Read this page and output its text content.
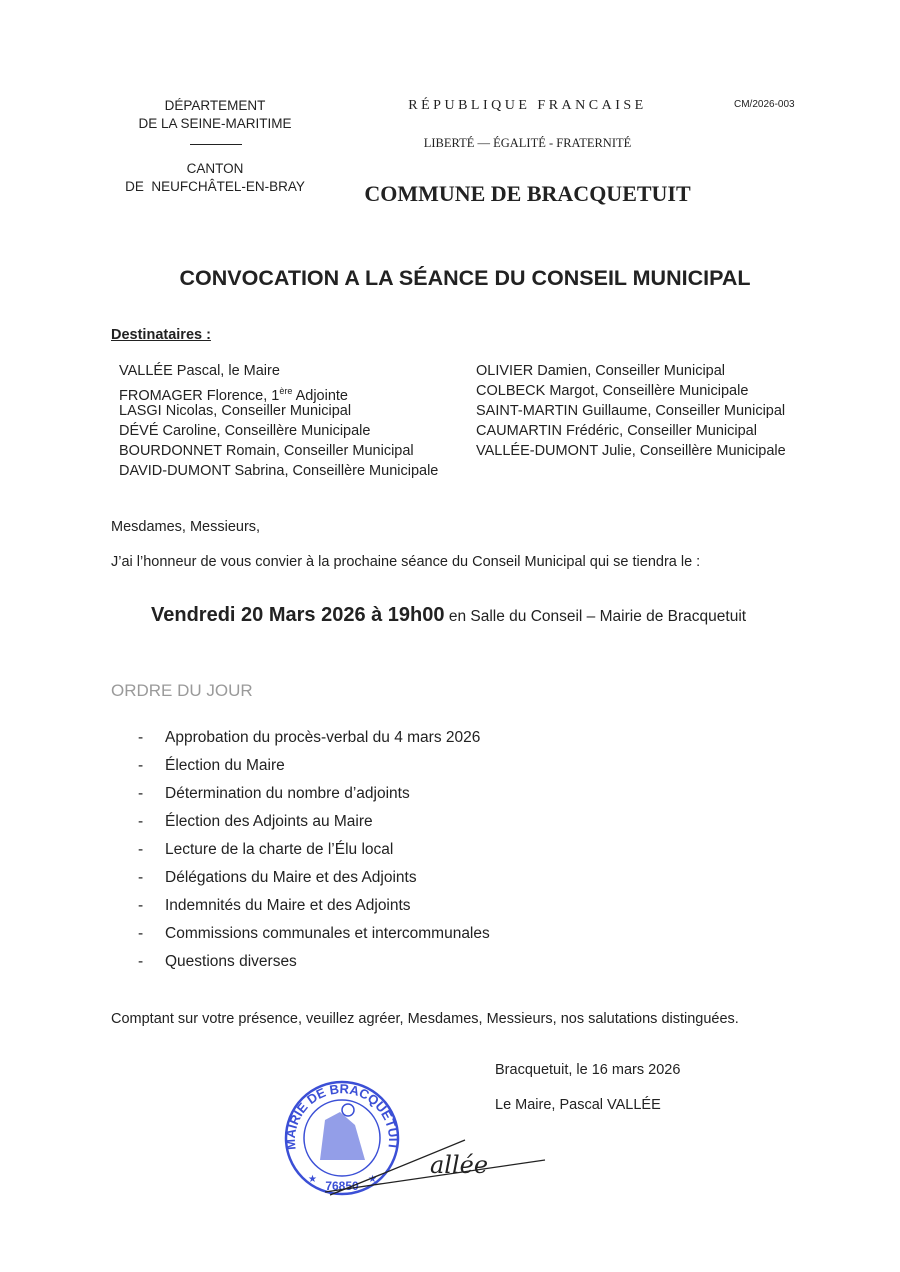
DÉPARTEMENT
DE LA SEINE-MARITIME
CANTON
DE  NEUFCHÂTEL-EN-BRAY
RÉPUBLIQUE FRANCAISE
LIBERTÉ — ÉGALITÉ - FRATERNITÉ
COMMUNE DE BRACQUETUIT
CM/2026-003
CONVOCATION A LA SÉANCE DU CONSEIL MUNICIPAL
Destinataires :
VALLÉE Pascal, le Maire
FROMAGER Florence, 1ère Adjointe
LASGI Nicolas, Conseiller Municipal
DÉVÉ Caroline, Conseillère Municipale
BOURDONNET Romain, Conseiller Municipal
DAVID-DUMONT Sabrina, Conseillère Municipale
OLIVIER Damien, Conseiller Municipal
COLBECK Margot, Conseillère Municipale
SAINT-MARTIN Guillaume, Conseiller Municipal
CAUMARTIN Frédéric, Conseiller Municipal
VALLÉE-DUMONT Julie, Conseillère Municipale
Mesdames, Messieurs,
J’ai l’honneur de vous convier à la prochaine séance du Conseil Municipal qui se tiendra le :
Vendredi 20 Mars 2026 à 19h00 en Salle du Conseil – Mairie de Bracquetuit
ORDRE DU JOUR
- Approbation du procès-verbal du 4 mars 2026
- Élection du Maire
- Détermination du nombre d’adjoints
- Élection des Adjoints au Maire
- Lecture de la charte de l’Élu local
- Délégations du Maire et des Adjoints
- Indemnités du Maire et des Adjoints
- Commissions communales et intercommunales
- Questions diverses
Comptant sur votre présence, veuillez agréer, Mesdames, Messieurs, nos salutations distinguées.
Bracquetuit, le 16 mars 2026
Le Maire, Pascal VALLÉE
MAIRIE DE BRACQUETUIT
76850
★	★
allée
